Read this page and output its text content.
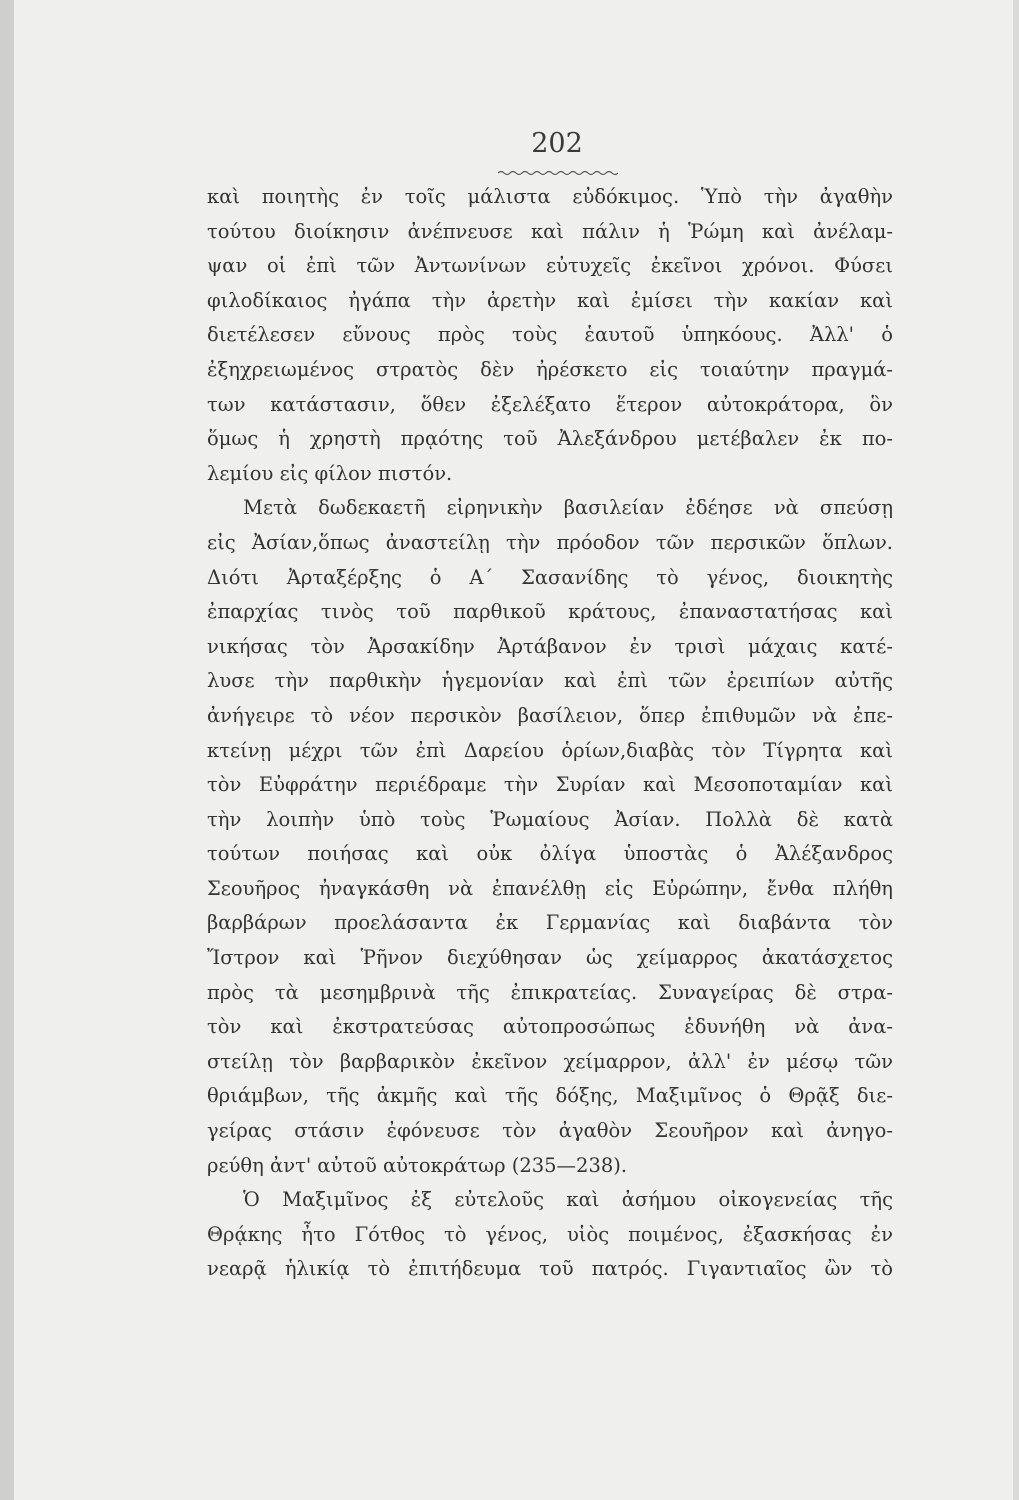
202
καὶ ποιητὴς ἐν τοῖς μάλιστα εὐδόκιμος. Ὑπὸ τὴν ἀγαθὴν
τούτου διοίκησιν ἀνέπνευσε καὶ πάλιν ἡ Ῥώμη καὶ ἀνέλαμ-
ψαν οἱ ἐπὶ τῶν Ἀντωνίνων εὐτυχεῖς ἐκεῖνοι χρόνοι. Φύσει
φιλοδίκαιος ἠγάπα τὴν ἀρετὴν καὶ ἐμίσει τὴν κακίαν καὶ
διετέλεσεν εὔνους πρὸς τοὺς ἑαυτοῦ ὑπηκόους. Ἀλλ' ὁ
ἐξηχρειωμένος στρατὸς δὲν ἠρέσκετο εἰς τοιαύτην πραγμά-
των κατάστασιν, ὅθεν ἐξελέξατο ἕτερον αὐτοκράτορα, ὃν
ὅμως ἡ χρηστὴ πρᾳότης τοῦ Ἀλεξάνδρου μετέβαλεν ἐκ πο-
λεμίου εἰς φίλον πιστόν.
Μετὰ δωδεκαετῆ εἰρηνικὴν βασιλείαν ἐδέησε νὰ σπεύσῃ
εἰς Ἀσίαν,ὅπως ἀναστείλῃ τὴν πρόοδον τῶν περσικῶν ὅπλων.
Διότι Ἀρταξέρξης ὁ Α΄ Σασανίδης τὸ γένος, διοικητὴς
ἐπαρχίας τινὸς τοῦ παρθικοῦ κράτους, ἐπαναστατήσας καὶ
νικήσας τὸν Ἀρσακίδην Ἀρτάβανον ἐν τρισὶ μάχαις κατέ-
λυσε τὴν παρθικὴν ἡγεμονίαν καὶ ἐπὶ τῶν ἐρειπίων αὐτῆς
ἀνήγειρε τὸ νέον περσικὸν βασίλειον, ὅπερ ἐπιθυμῶν νὰ ἐπε-
κτείνῃ μέχρι τῶν ἐπὶ Δαρείου ὁρίων,διαβὰς τὸν Τίγρητα καὶ
τὸν Εὐφράτην περιέδραμε τὴν Συρίαν καὶ Μεσοποταμίαν καὶ
τὴν λοιπὴν ὑπὸ τοὺς Ῥωμαίους Ἀσίαν. Πολλὰ δὲ κατὰ
τούτων ποιήσας καὶ οὐκ ὀλίγα ὑποστὰς ὁ Ἀλέξανδρος
Σεουῆρος ἠναγκάσθη νὰ ἐπανέλθῃ εἰς Εὐρώπην, ἔνθα πλήθη
βαρβάρων προελάσαντα ἐκ Γερμανίας καὶ διαβάντα τὸν
Ἴστρον καὶ Ῥῆνον διεχύθησαν ὡς χείμαρρος ἀκατάσχετος
πρὸς τὰ μεσημβρινὰ τῆς ἐπικρατείας. Συναγείρας δὲ στρα-
τὸν καὶ ἐκστρατεύσας αὐτοπροσώπως ἐδυνήθη νὰ ἀνα-
στείλῃ τὸν βαρβαρικὸν ἐκεῖνον χείμαρρον, ἀλλ' ἐν μέσῳ τῶν
θριάμβων, τῆς ἀκμῆς καὶ τῆς δόξης, Μαξιμῖνος ὁ Θρᾷξ διε-
γείρας στάσιν ἐφόνευσε τὸν ἀγαθὸν Σεουῆρον καὶ ἀνηγο-
ρεύθη ἀντ' αὐτοῦ αὐτοκράτωρ (235—238).
Ὁ Μαξιμῖνος ἐξ εὐτελοῦς καὶ ἀσήμου οἰκογενείας τῆς
Θρᾴκης ἦτο Γότθος τὸ γένος, υἱὸς ποιμένος, ἐξασκήσας ἐν
νεαρᾷ ἡλικίᾳ τὸ ἐπιτήδευμα τοῦ πατρός. Γιγαντιαῖος ὢν τὸ
